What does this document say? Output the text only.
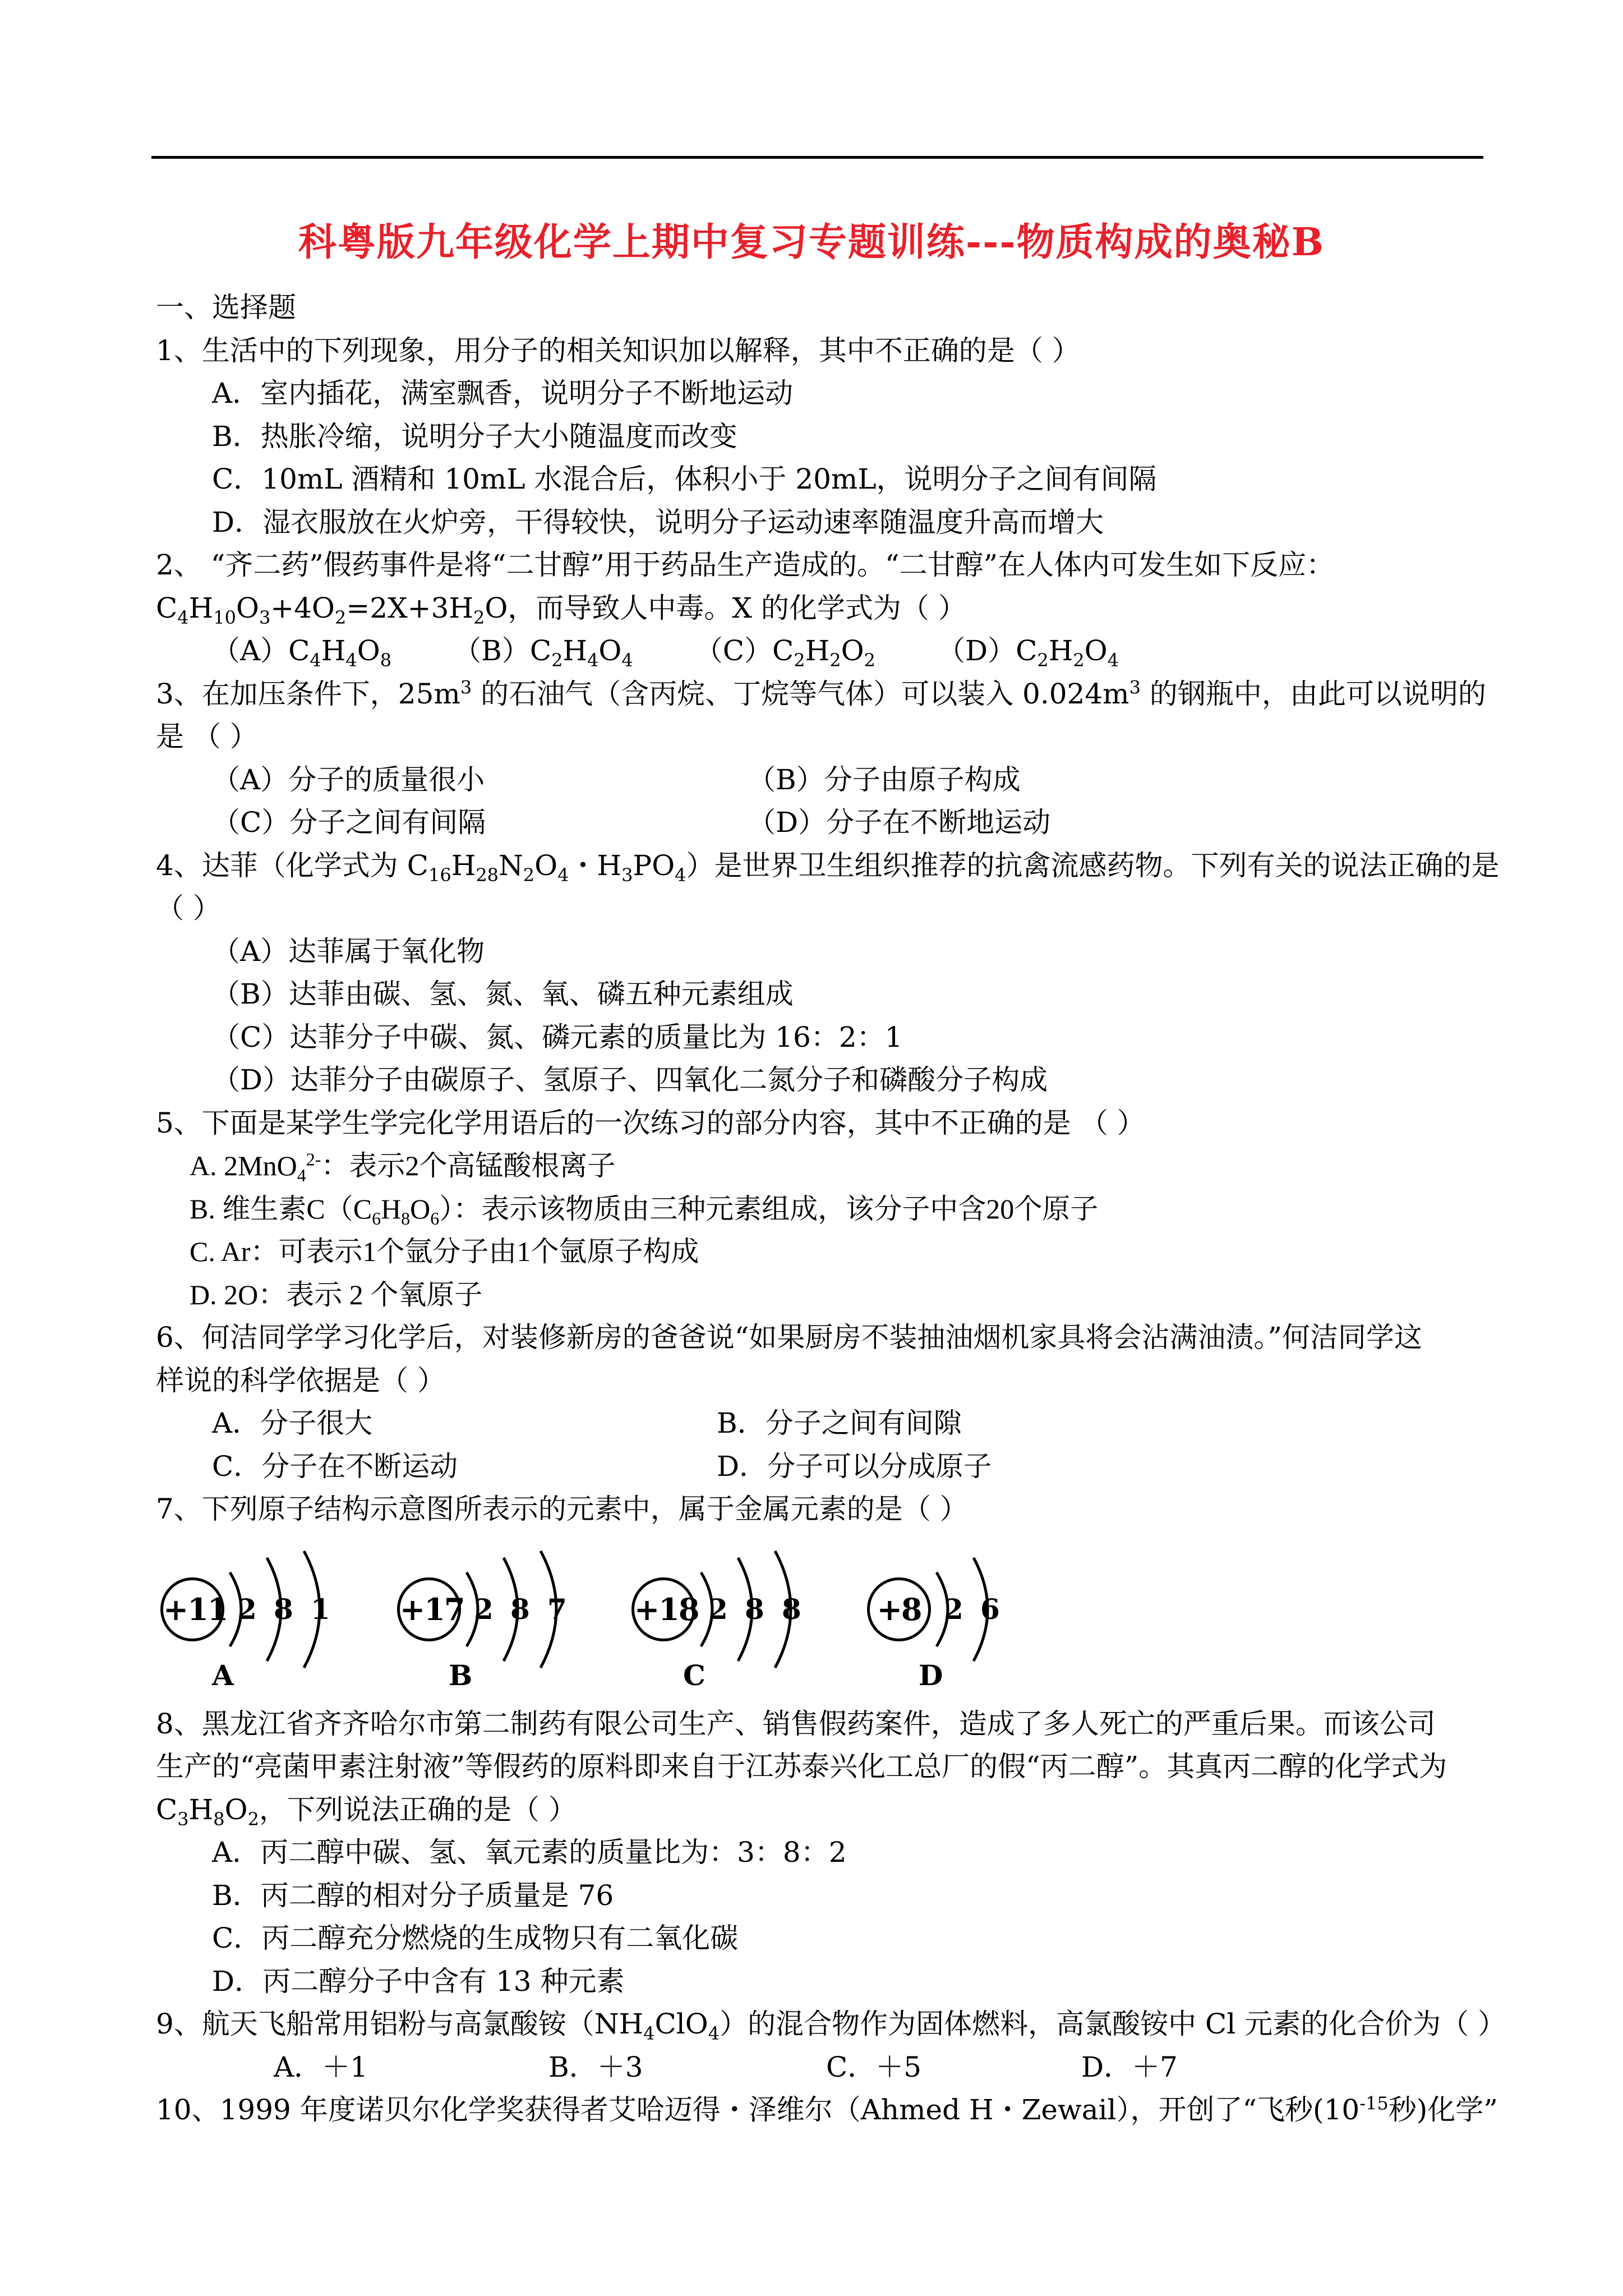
科粤版九年级化学上期中复习专题训练---物质构成的奥秘B
一、选择题
1、生活中的下列现象，用分子的相关知识加以解释，其中不正确的是（ ）
A．室内插花，满室飘香，说明分子不断地运动
B．热胀冷缩，说明分子大小随温度而改变
C．10mL 酒精和 10mL 水混合后，体积小于 20mL，说明分子之间有间隔
D．湿衣服放在火炉旁，干得较快，说明分子运动速率随温度升高而增大
2、 “齐二药”假药事件是将“二甘醇”用于药品生产造成的。“二甘醇”在人体内可发生如下反应：
$C_4H_{10}O_3+4O_2=2X+3H_2O$，而导致人中毒。X 的化学式为（ ）
$(A)C_4H_4O_8$ $(B)C_2H_4O_4$ $(C)C_2H_2O_2$ $(D)C_2H_2O_4$
3、在加压条件下，$25m^3$ 的石油气（含丙烷、丁烷等气体）可以装入 $0.024m^3$ 的钢瓶中，由此可以说明的
是 （ ）
（A）分子的质量很小	（B）分子由原子构成
（C）分子之间有间隔	（D）分子在不断地运动
4、达菲（化学式为 $C_{16}H_{28}N_2O_4$・$H_3PO_4$）是世界卫生组织推荐的抗禽流感药物。下列有关的说法正确的是
（ ）
（A）达菲属于氧化物
（B）达菲由碳、氢、氮、氧、磷五种元素组成
（C）达菲分子中碳、氮、磷元素的质量比为 16：2：1
（D）达菲分子由碳原子、氢原子、四氧化二氮分子和磷酸分子构成
5、下面是某学生学完化学用语后的一次练习的部分内容，其中不正确的是 （ ）
A. 2MnO$_4^{2-}$：表示2个高锰酸根离子
B. 维生素$C(C_6H_8O_6)$：表示该物质由三种元素组成，该分子中含20个原子
C. Ar：可表示1个氩分子由1个氩原子构成
D. 2O：表示 2 个氧原子
6、何洁同学学习化学后，对装修新房的爸爸说“如果厨房不装抽油烟机家具将会沾满油渍。”何洁同学这
样说的科学依据是（ ）
A．分子很大	B．分子之间有间隙
C．分子在不断运动	D．分子可以分成原子
7、下列原子结构示意图所表示的元素中，属于金属元素的是（ ）
+11 2 8 1
A
+17 2 8 7
B
+18 2 8 8
C
+8 2 6
D
8、黑龙江省齐齐哈尔市第二制药有限公司生产、销售假药案件，造成了多人死亡的严重后果。而该公司
生产的“亮菌甲素注射液”等假药的原料即来自于江苏泰兴化工总厂的假“丙二醇”。其真丙二醇的化学式为
$C_3H_8O_2$，下列说法正确的是（ ）
A．丙二醇中碳、氢、氧元素的质量比为：3：8：2
B．丙二醇的相对分子质量是 76
C．丙二醇充分燃烧的生成物只有二氧化碳
D．丙二醇分子中含有 13 种元素
9、航天飞船常用铝粉与高氯酸铵$(NH_4ClO_4)$的混合物作为固体燃料，高氯酸铵中 Cl 元素的化合价为（ ）
A．＋1	B．＋3	C．＋5	D．＋7
10、1999 年度诺贝尔化学奖获得者艾哈迈得・泽维尔（Ahmed H・Zewail），开创了“飞秒($10^{-15}$秒)化学”
